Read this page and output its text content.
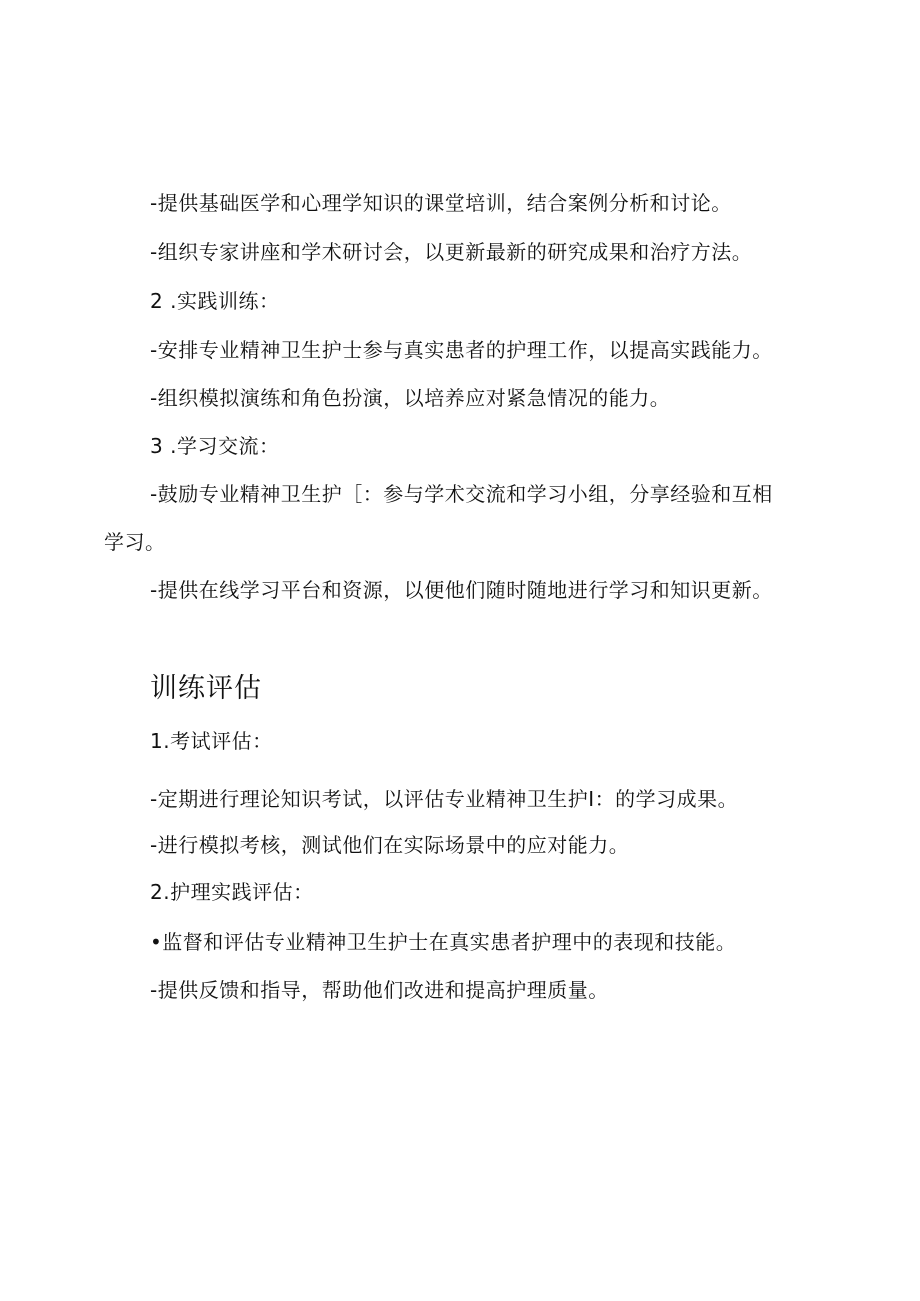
-提供基础医学和心理学知识的课堂培训，结合案例分析和讨论。
-组织专家讲座和学术研讨会，以更新最新的研究成果和治疗方法。
2 .实践训练：
-安排专业精神卫生护士参与真实患者的护理工作，以提高实践能力。
-组织模拟演练和角色扮演，以培养应对紧急情况的能力。
3 .学习交流：
-鼓励专业精神卫生护［：参与学术交流和学习小组，分享经验和互相
学习。
-提供在线学习平台和资源，以便他们随时随地进行学习和知识更新。
训练评估
1.考试评估：
-定期进行理论知识考试，以评估专业精神卫生护I：的学习成果。
-进行模拟考核，测试他们在实际场景中的应对能力。
2.护理实践评估：
•监督和评估专业精神卫生护士在真实患者护理中的表现和技能。
-提供反馈和指导，帮助他们改进和提高护理质量。
